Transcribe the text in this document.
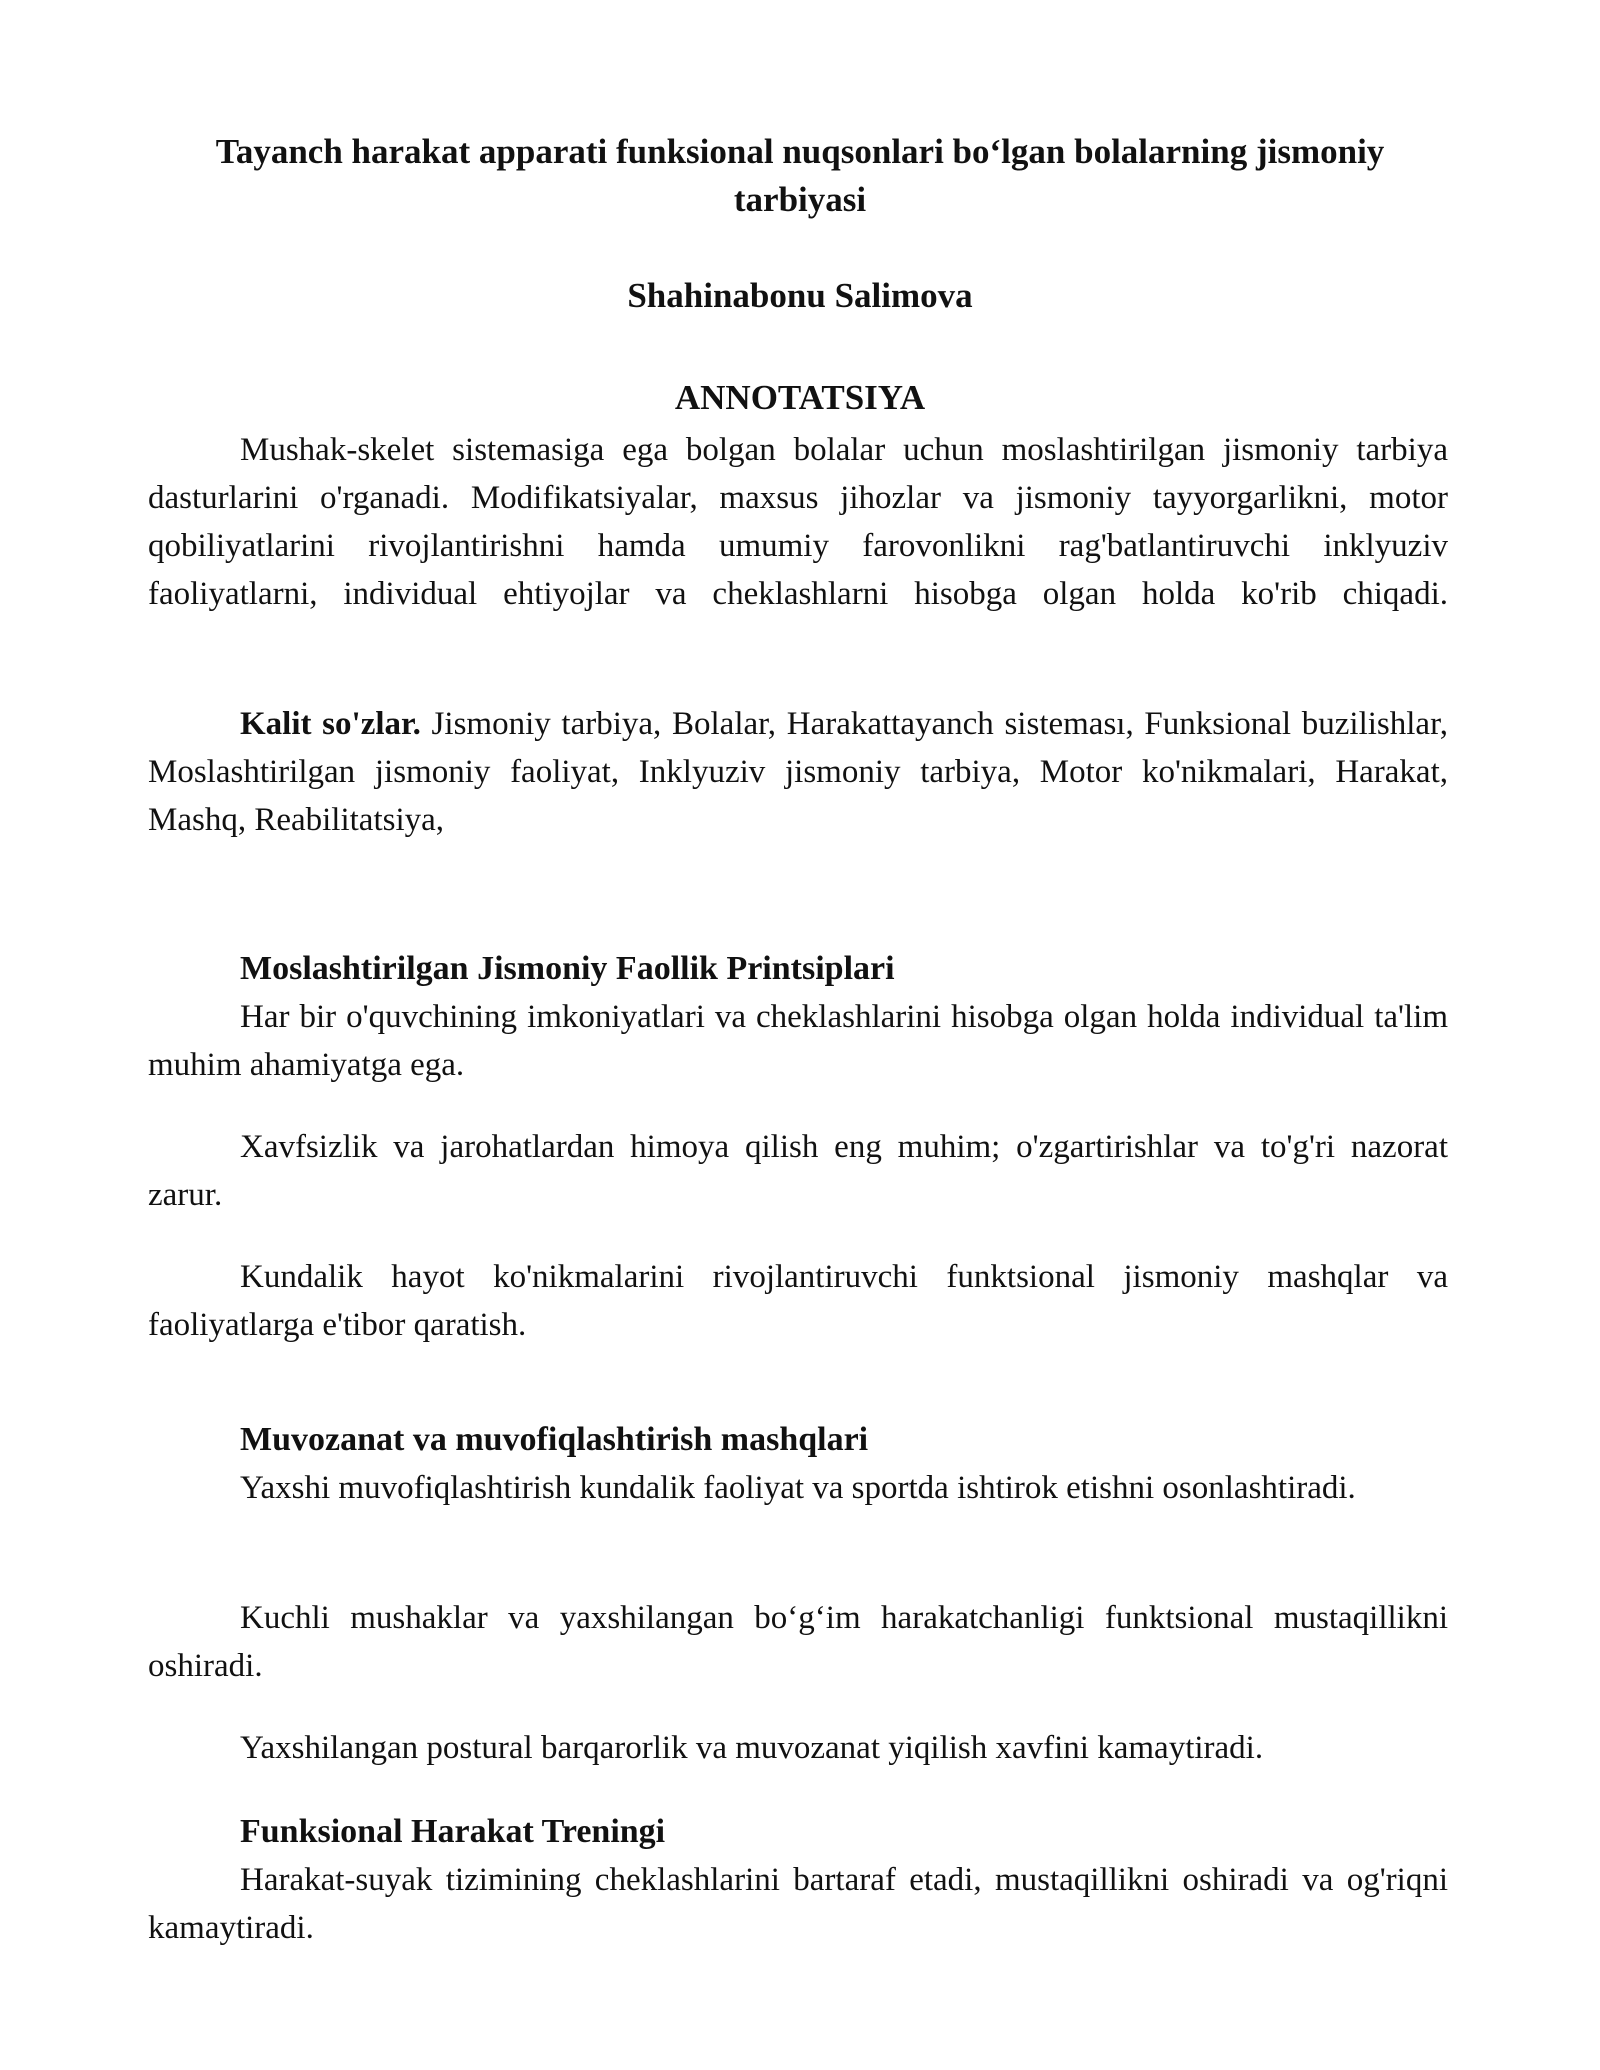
Tayanch harakat apparati funksional nuqsonlari bo‘lgan bolalarning jismoniy tarbiyasi
Shahinabonu Salimova
ANNOTATSIYA

Mushak-skelet sistemasiga ega bolgan bolalar uchun moslashtirilgan jismoniy tarbiya dasturlarini o'rganadi. Modifikatsiyalar, maxsus jihozlar va jismoniy tayyorgarlikni, motor qobiliyatlarini rivojlantirishni hamda umumiy farovonlikni rag'batlantiruvchi inklyuziv faoliyatlarni, individual ehtiyojlar va cheklashlarni hisobga olgan holda ko'rib chiqadi.

Kalit so'zlar. Jismoniy tarbiya, Bolalar, Harakattayanch sisteması, Funksional buzilishlar, Moslashtirilgan jismoniy faoliyat, Inklyuziv jismoniy tarbiya, Motor ko'nikmalari, Harakat, Mashq, Reabilitatsiya,

Moslashtirilgan Jismoniy Faollik Printsiplari

Har bir o'quvchining imkoniyatlari va cheklashlarini hisobga olgan holda individual ta'lim muhim ahamiyatga ega.

Xavfsizlik va jarohatlardan himoya qilish eng muhim; o'zgartirishlar va to'g'ri nazorat zarur.

Kundalik hayot ko'nikmalarini rivojlantiruvchi funktsional jismoniy mashqlar va faoliyatlarga e'tibor qaratish.

Muvozanat va muvofiqlashtirish mashqlari

Yaxshi muvofiqlashtirish kundalik faoliyat va sportda ishtirok etishni osonlashtiradi.

Kuchli mushaklar va yaxshilangan bo‘g‘im harakatchanligi funktsional mustaqillikni oshiradi.

Yaxshilangan postural barqarorlik va muvozanat yiqilish xavfini kamaytiradi.

Funksional Harakat Treningi

Harakat-suyak tizimining cheklashlarini bartaraf etadi, mustaqillikni oshiradi va og'riqni kamaytiradi.
